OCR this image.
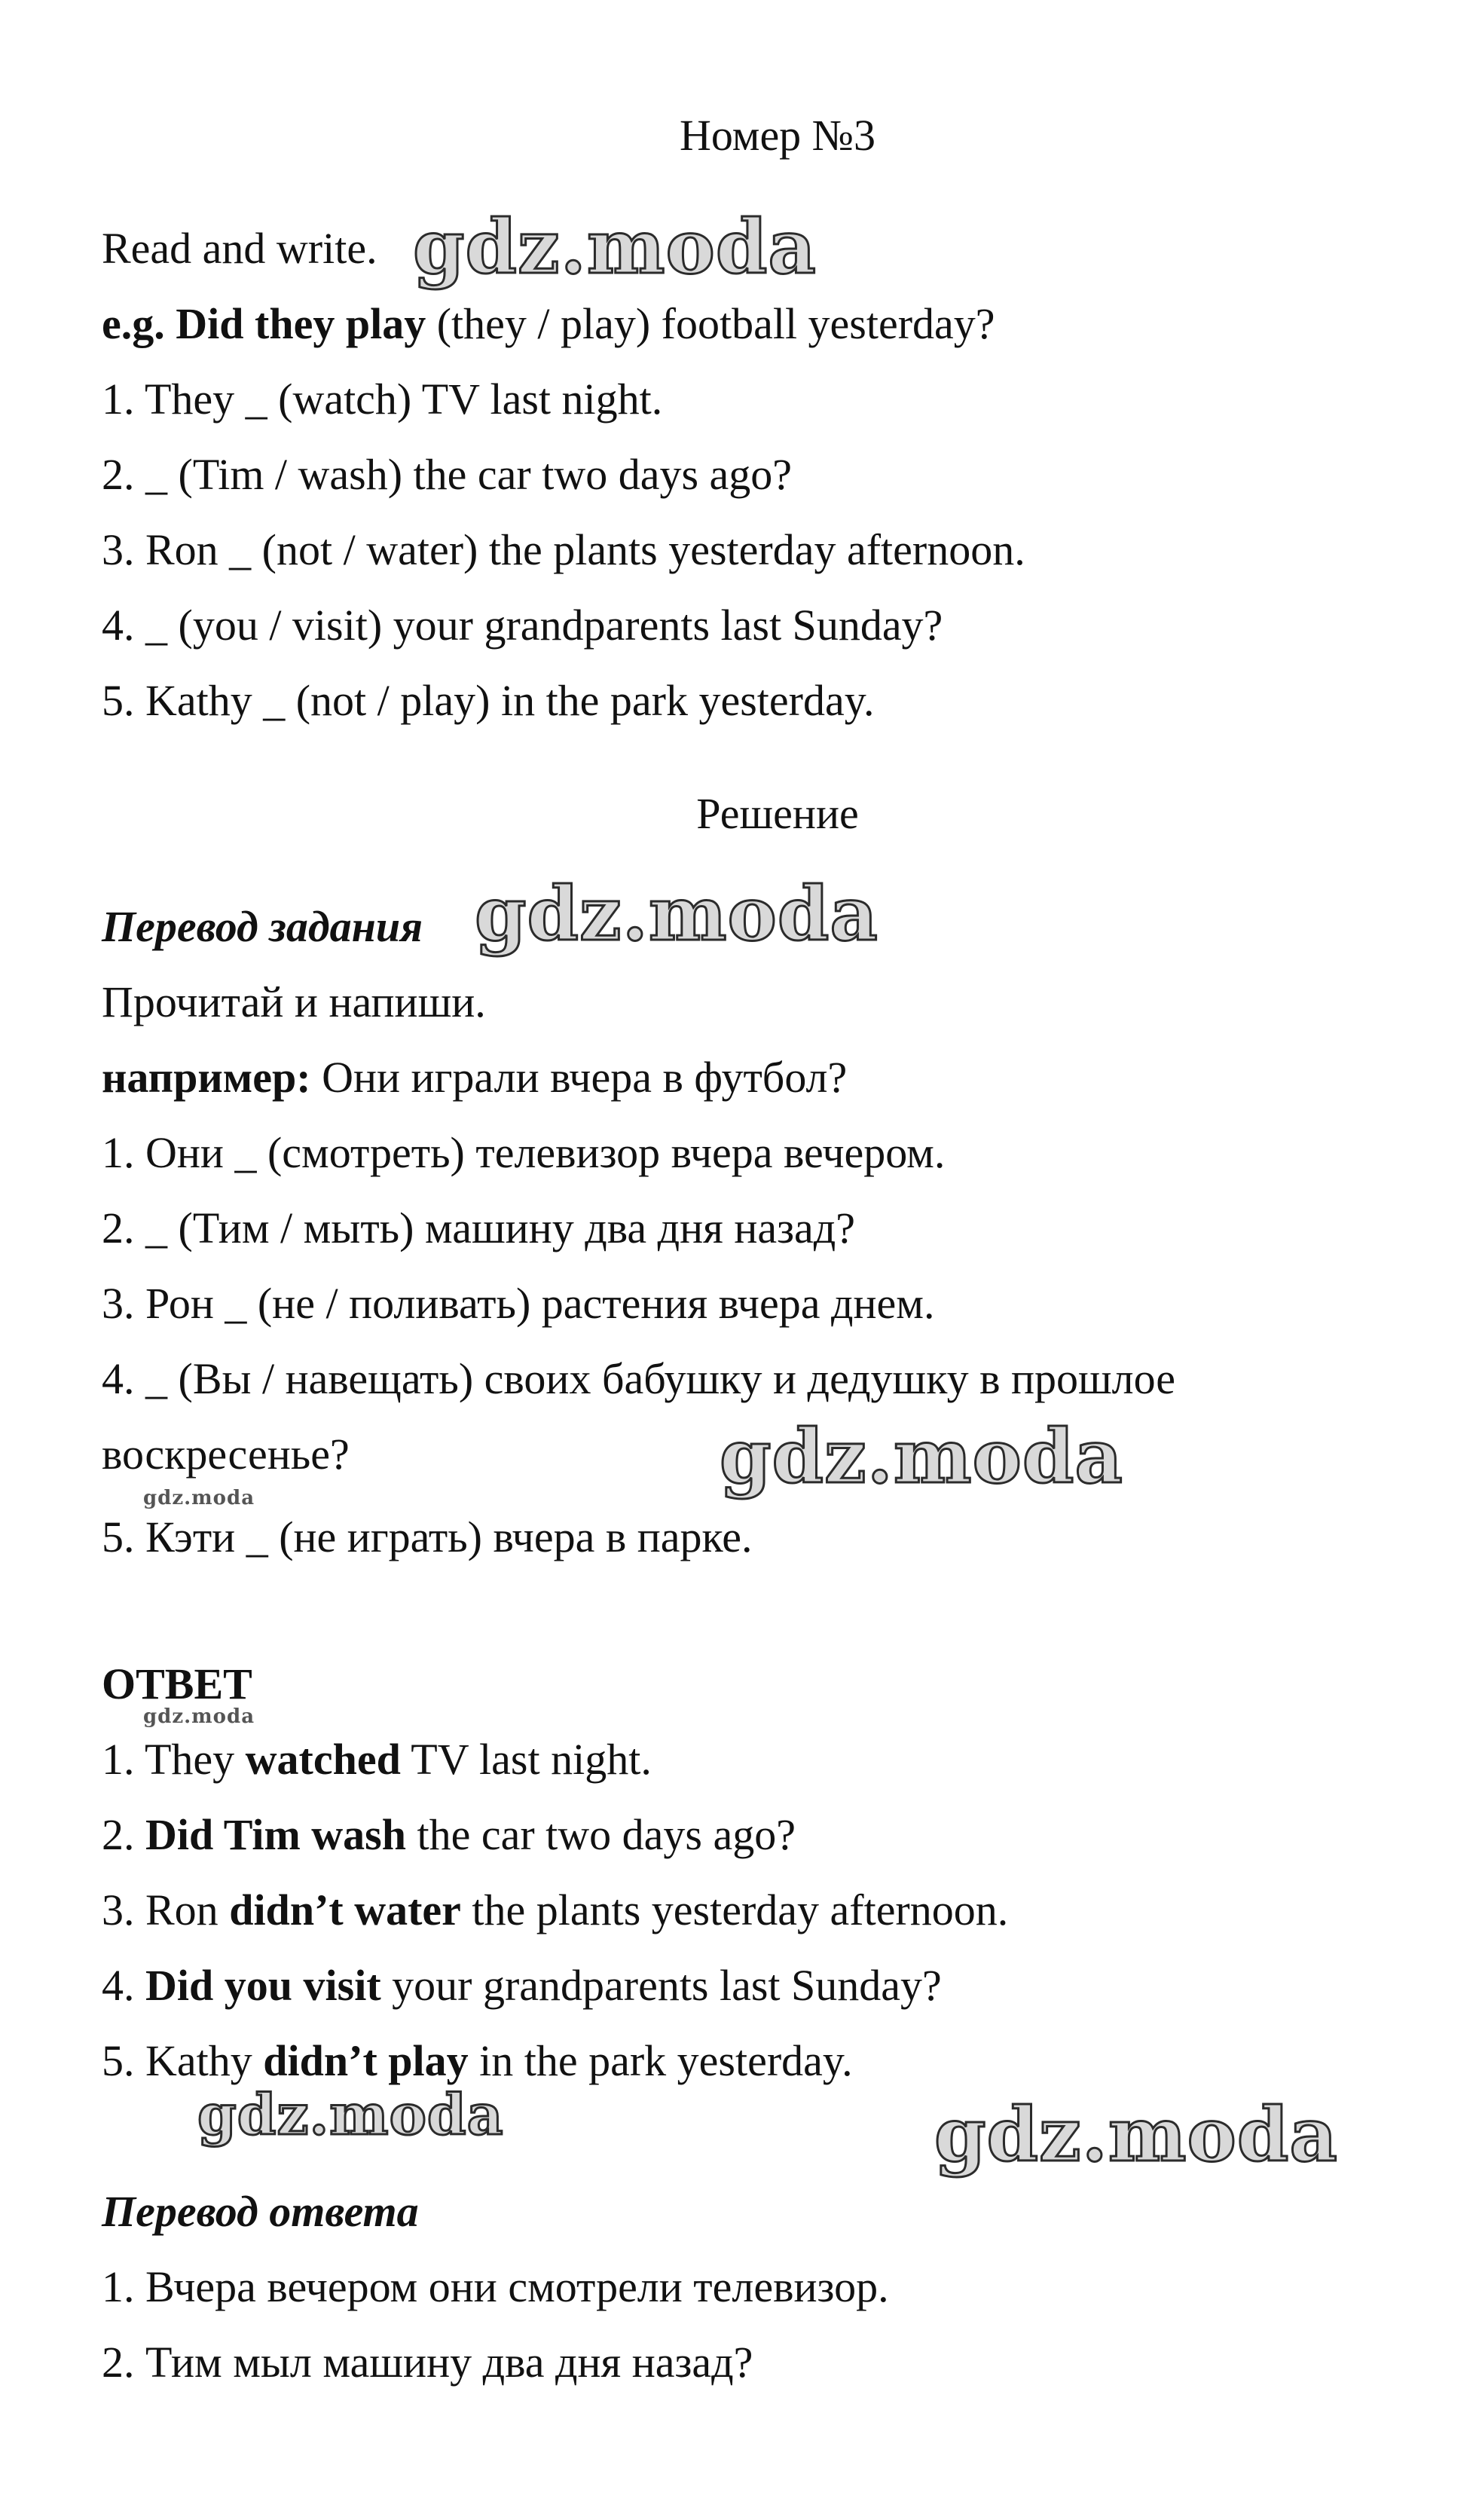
Номер №3
Read and write.
e.g. Did they play (they / play) football yesterday?
1. They _ (watch) TV last night.
2. _ (Tim / wash) the car two days ago?
3. Ron _ (not / water) the plants yesterday afternoon.
4. _ (you / visit) your grandparents last Sunday?
5. Kathy _ (not / play) in the park yesterday.
Решение
Перевод задания
Прочитай и напиши.
например: Они играли вчера в футбол?
1. Они _ (смотреть) телевизор вчера вечером.
2. _ (Тим / мыть) машину два дня назад?
3. Рон _ (не / поливать) растения вчера днем.
4. _ (Вы / навещать) своих бабушку и дедушку в прошлое
воскресенье?
5. Кэти _ (не играть) вчера в парке.
ОТВЕТ
1. They watched TV last night.
2. Did Tim wash the car two days ago?
3. Ron didn’t water the plants yesterday afternoon.
4. Did you visit your grandparents last Sunday?
5. Kathy didn’t play in the park yesterday.
Перевод ответа
1. Вчера вечером они смотрели телевизор.
2. Тим мыл машину два дня назад?
gdz.moda
gdz.moda
gdz.moda
gdz.moda
gdz.moda
gdz.moda	gdz.moda
